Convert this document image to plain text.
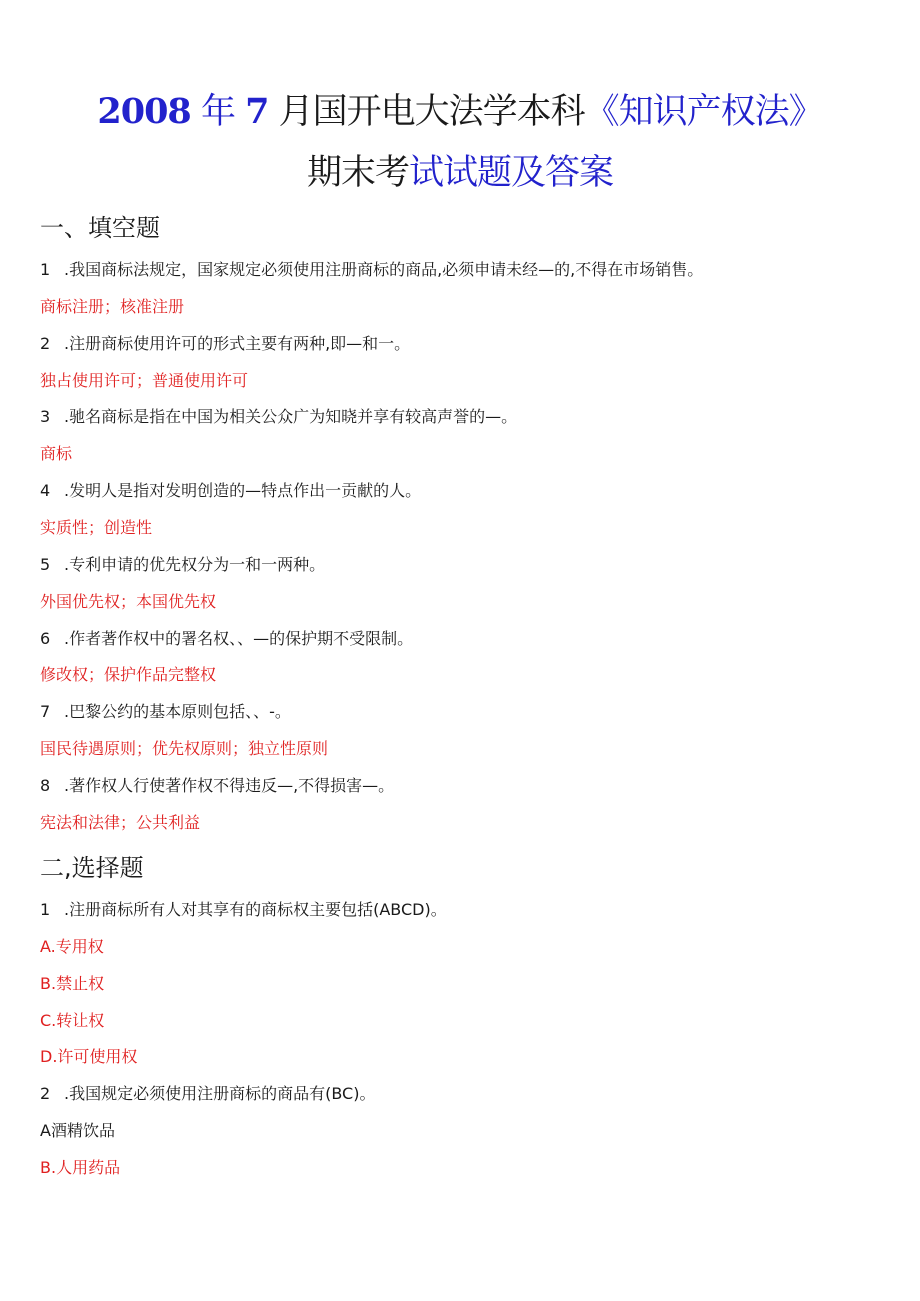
2008 年 7 月国开电大法学本科《知识产权法》
期末考试试题及答案
一、填空题
1 .我国商标法规定，国家规定必须使用注册商标的商品,必须申请未经—的,不得在市场销售。
商标注册；核准注册
2 .注册商标使用许可的形式主要有两种,即—和一。
独占使用许可；普通使用许可
3 .驰名商标是指在中国为相关公众广为知晓并享有较高声誉的—。
商标
4 .发明人是指对发明创造的—特点作出一贡献的人。
实质性；创造性
5 .专利申请的优先权分为一和一两种。
外国优先权；本国优先权
6 .作者著作权中的署名权、、—的保护期不受限制。
修改权；保护作品完整权
7 .巴黎公约的基本原则包括、、-。
国民待遇原则；优先权原则；独立性原则
8 .著作权人行使著作权不得违反—,不得损害—。
宪法和法律；公共利益
二,选择题
1 .注册商标所有人对其享有的商标权主要包括(ABCD)。
A.专用权
B.禁止权
C.转让权
D.许可使用权
2 .我国规定必须使用注册商标的商品有(BC)。
A酒精饮品
B.人用药品
